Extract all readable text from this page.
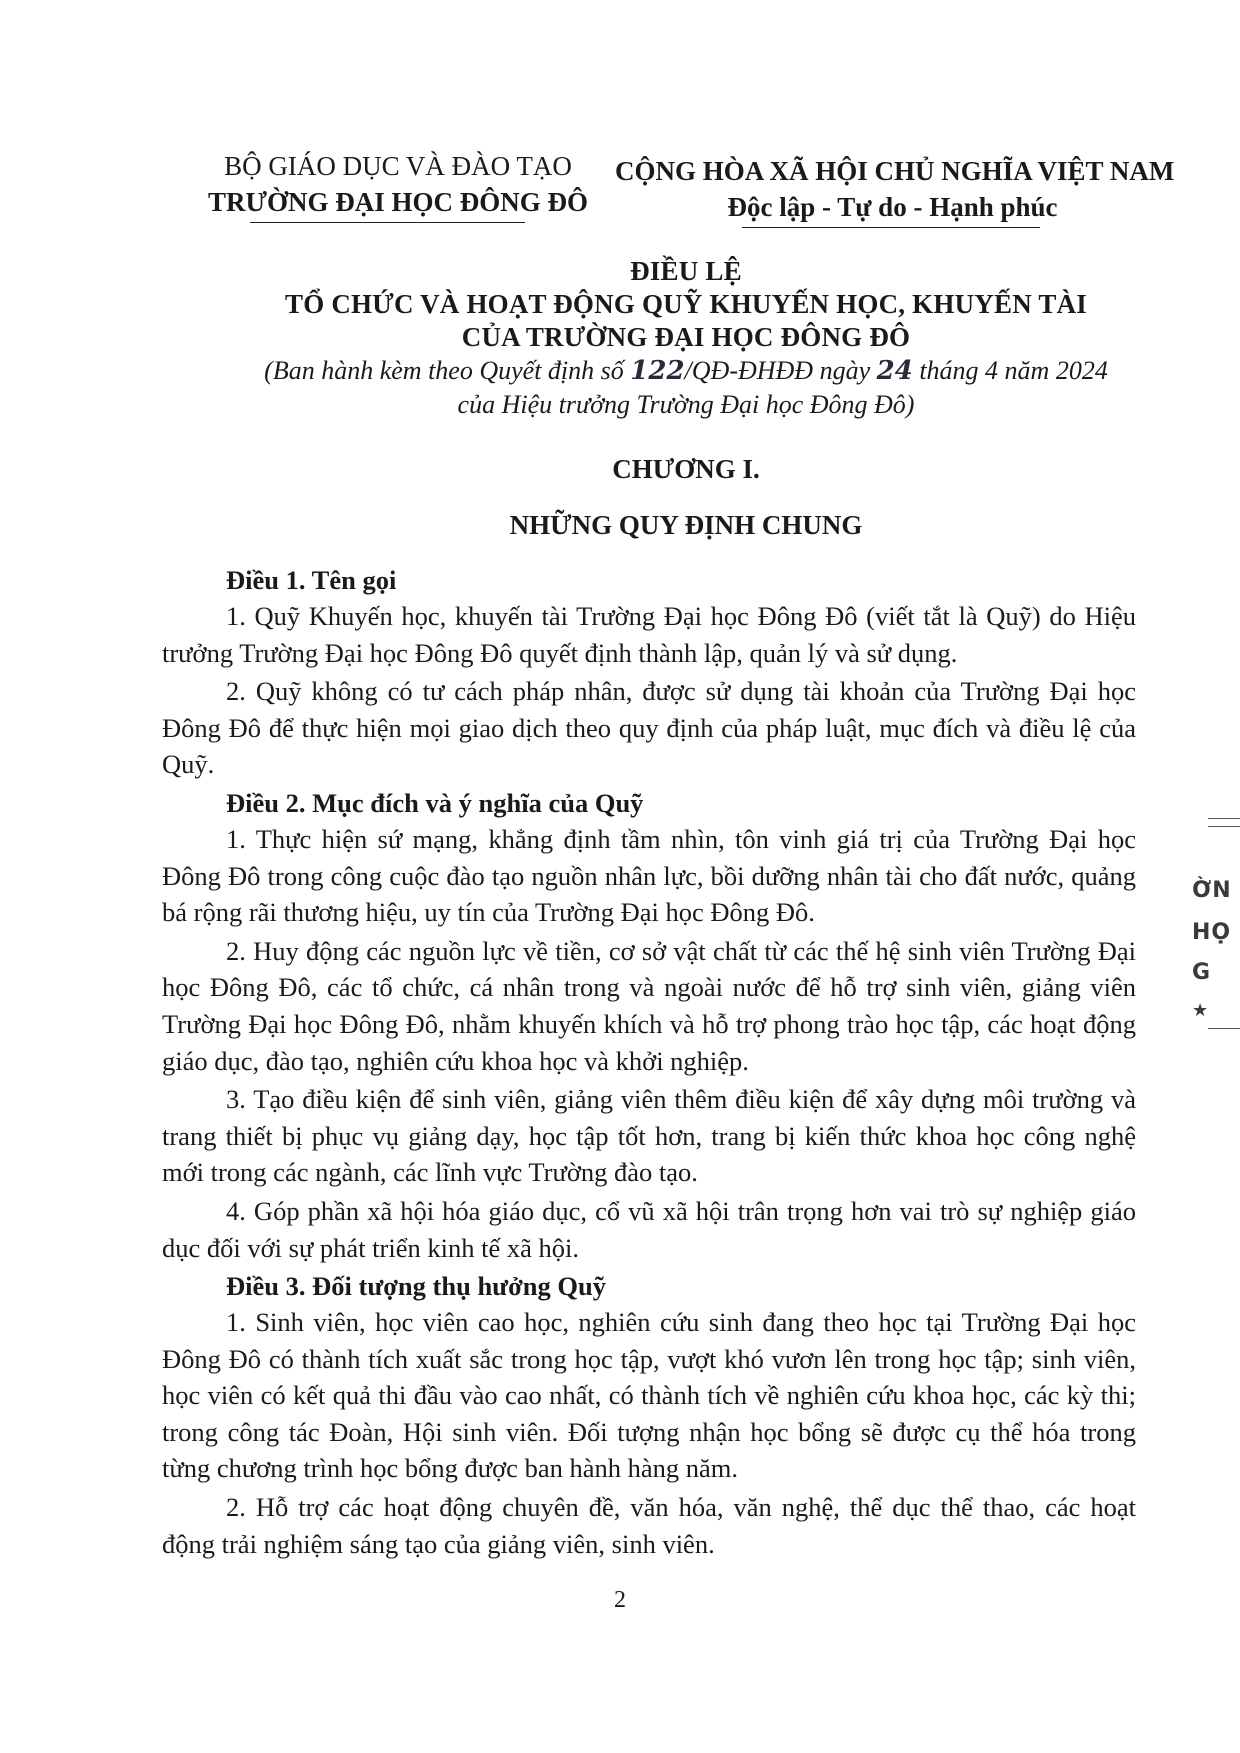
BỘ GIÁO DỤC VÀ ĐÀO TẠO
TRƯỜNG ĐẠI HỌC ĐÔNG ĐÔ
CỘNG HÒA XÃ HỘI CHỦ NGHĨA VIỆT NAM
Độc lập - Tự do - Hạnh phúc
ĐIỀU LỆ
TỔ CHỨC VÀ HOẠT ĐỘNG QUỸ KHUYẾN HỌC, KHUYẾN TÀI
CỦA TRƯỜNG ĐẠI HỌC ĐÔNG ĐÔ
(Ban hành kèm theo Quyết định số 122/QĐ-ĐHĐĐ ngày 24 tháng 4 năm 2024
của Hiệu trưởng Trường Đại học Đông Đô)
CHƯƠNG I.
NHỮNG QUY ĐỊNH CHUNG
Điều 1. Tên gọi

1. Quỹ Khuyến học, khuyến tài Trường Đại học Đông Đô (viết tắt là Quỹ) do Hiệu trưởng Trường Đại học Đông Đô quyết định thành lập, quản lý và sử dụng.

2. Quỹ không có tư cách pháp nhân, được sử dụng tài khoản của Trường Đại học Đông Đô để thực hiện mọi giao dịch theo quy định của pháp luật, mục đích và điều lệ của Quỹ.

Điều 2. Mục đích và ý nghĩa của Quỹ

1. Thực hiện sứ mạng, khẳng định tầm nhìn, tôn vinh giá trị của Trường Đại học Đông Đô trong công cuộc đào tạo nguồn nhân lực, bồi dưỡng nhân tài cho đất nước, quảng bá rộng rãi thương hiệu, uy tín của Trường Đại học Đông Đô.

2. Huy động các nguồn lực về tiền, cơ sở vật chất từ các thế hệ sinh viên Trường Đại học Đông Đô, các tổ chức, cá nhân trong và ngoài nước để hỗ trợ sinh viên, giảng viên Trường Đại học Đông Đô, nhằm khuyến khích và hỗ trợ phong trào học tập, các hoạt động giáo dục, đào tạo, nghiên cứu khoa học và khởi nghiệp.

3. Tạo điều kiện để sinh viên, giảng viên thêm điều kiện để xây dựng môi trường và trang thiết bị phục vụ giảng dạy, học tập tốt hơn, trang bị kiến thức khoa học công nghệ mới trong các ngành, các lĩnh vực Trường đào tạo.

4. Góp phần xã hội hóa giáo dục, cổ vũ xã hội trân trọng hơn vai trò sự nghiệp giáo dục đối với sự phát triển kinh tế xã hội.

Điều 3. Đối tượng thụ hưởng Quỹ

1. Sinh viên, học viên cao học, nghiên cứu sinh đang theo học tại Trường Đại học Đông Đô có thành tích xuất sắc trong học tập, vượt khó vươn lên trong học tập; sinh viên, học viên có kết quả thi đầu vào cao nhất, có thành tích về nghiên cứu khoa học, các kỳ thi; trong công tác Đoàn, Hội sinh viên. Đối tượng nhận học bổng sẽ được cụ thể hóa trong từng chương trình học bổng được ban hành hàng năm.

2. Hỗ trợ các hoạt động chuyên đề, văn hóa, văn nghệ, thể dục thể thao, các hoạt động trải nghiệm sáng tạo của giảng viên, sinh viên.

2
ỜN
HỌ
G
★
